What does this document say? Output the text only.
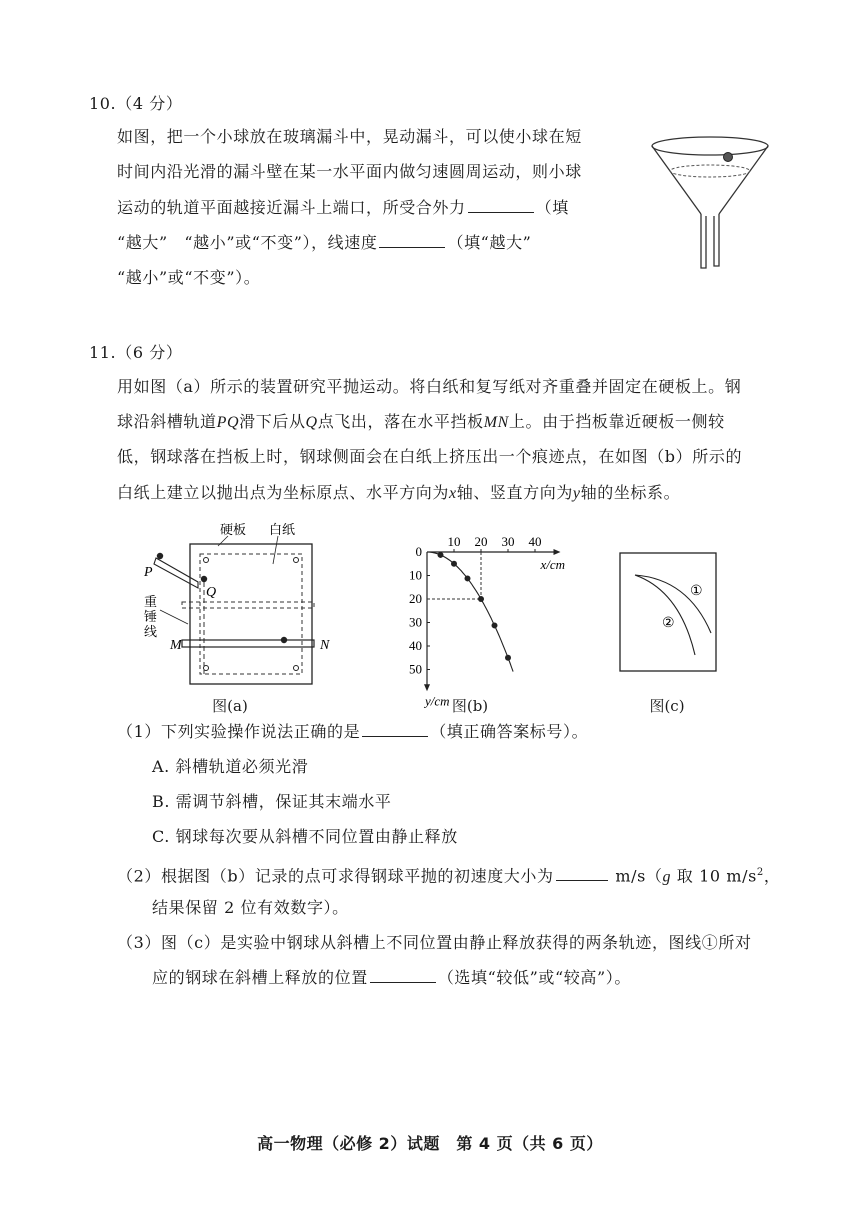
10.（4 分）
如图，把一个小球放在玻璃漏斗中，晃动漏斗，可以使小球在短
时间内沿光滑的漏斗壁在某一水平面内做匀速圆周运动，则小球
运动的轨道平面越接近漏斗上端口，所受合外力	（填
“越大”　“越小”或“不变”），线速度	（填“越大”
“越小”或“不变”）。
11.（6 分）
用如图（a）所示的装置研究平抛运动。将白纸和复写纸对齐重叠并固定在硬板上。钢
球沿斜槽轨道PQ滑下后从Q点飞出，落在水平挡板MN上。由于挡板靠近硬板一侧较
低，钢球落在挡板上时，钢球侧面会在白纸上挤压出一个痕迹点，在如图（b）所示的
白纸上建立以抛出点为坐标原点、水平方向为x轴、竖直方向为y轴的坐标系。
硬板 白纸
P
Q
M	N
重
锤
线
图(a)
10 20 30 40
0
10
20
30
40
50
x/cm
y/cm 图(b)
①
②
图(c)
（1）下列实验操作说法正确的是	（填正确答案标号）。
A. 斜槽轨道必须光滑
B. 需调节斜槽，保证其末端水平
C. 钢球每次要从斜槽不同位置由静止释放
（2）根据图（b）记录的点可求得钢球平抛的初速度大小为	m/s（g 取 10 $m/s^2$，
结果保留 2 位有效数字）。
（3）图（c）是实验中钢球从斜槽上不同位置由静止释放获得的两条轨迹，图线①所对
应的钢球在斜槽上释放的位置	（选填“较低”或“较高”）。
高一物理（必修 2）试题　第 4 页（共 6 页）
